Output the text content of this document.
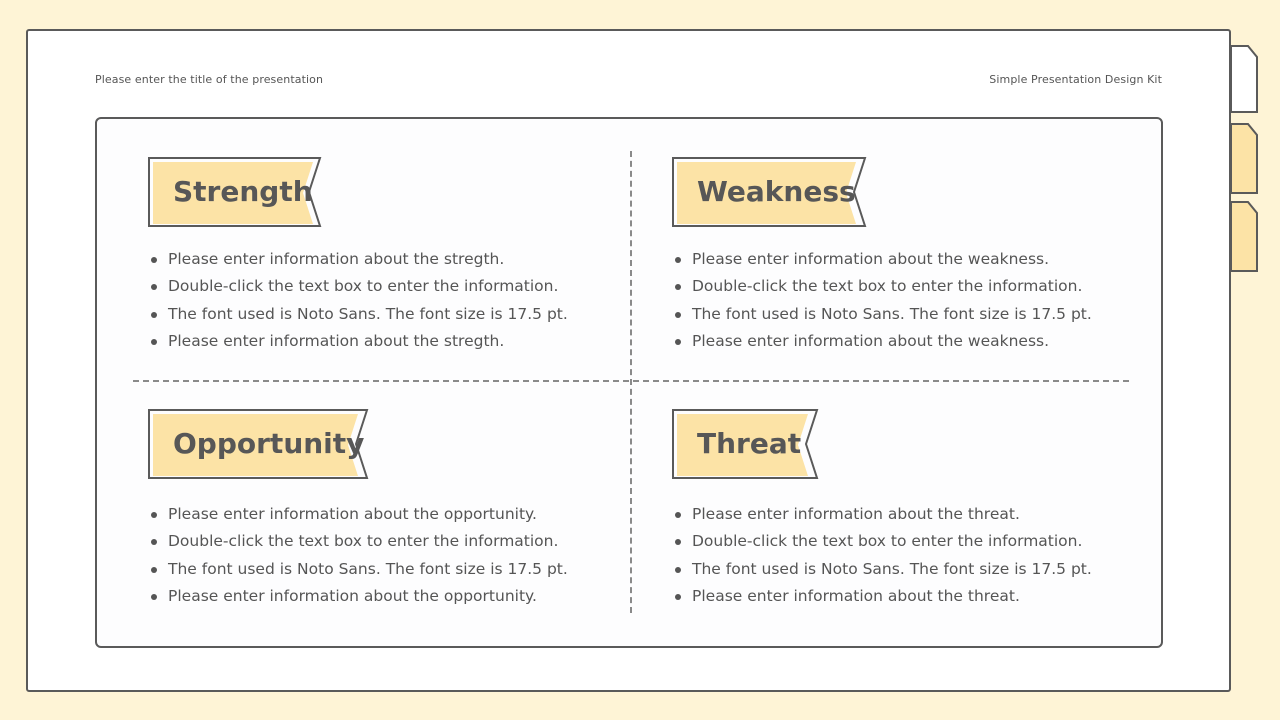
Please enter the title of the presentation	Simple Presentation Design Kit
Strength
Please enter information about the stregth.
Double-click the text box to enter the information.
The font used is Noto Sans. The font size is 17.5 pt.
Please enter information about the stregth.
Weakness
Please enter information about the weakness.
Double-click the text box to enter the information.
The font used is Noto Sans. The font size is 17.5 pt.
Please enter information about the weakness.
Opportunity
Please enter information about the opportunity.
Double-click the text box to enter the information.
The font used is Noto Sans. The font size is 17.5 pt.
Please enter information about the opportunity.
Threat
Please enter information about the threat.
Double-click the text box to enter the information.
The font used is Noto Sans. The font size is 17.5 pt.
Please enter information about the threat.
